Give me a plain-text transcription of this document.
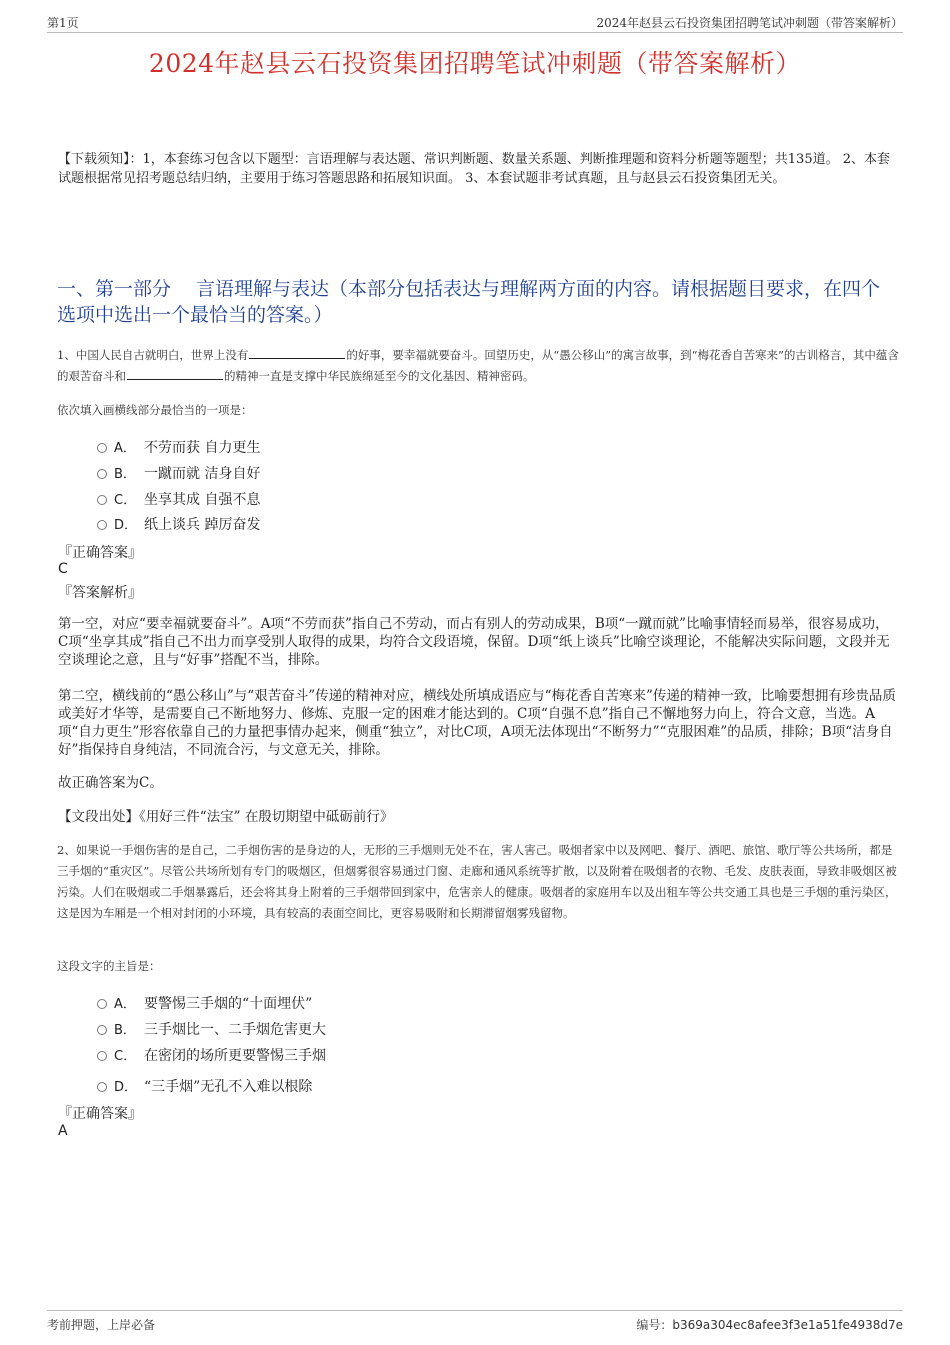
第1页	2024年赵县云石投资集团招聘笔试冲刺题（带答案解析）
2024年赵县云石投资集团招聘笔试冲刺题（带答案解析）
【下载须知】：1，本套练习包含以下题型：言语理解与表达题、常识判断题、数量关系题、判断推理题和资料分析题等题型；共135道。 2、本套试题根据常见招考题总结归纳，主要用于练习答题思路和拓展知识面。 3、本套试题非考试真题，且与赵县云石投资集团无关。
一、第一部分　 言语理解与表达（本部分包括表达与理解两方面的内容。请根据题目要求，在四个选项中选出一个最恰当的答案。）
1、中国人民自古就明白，世界上没有	的好事，要幸福就要奋斗。回望历史，从“愚公移山”的寓言故事，到“梅花香自苦寒来”的古训格言，其中蕴含的艰苦奋斗和	的精神一直是支撑中华民族绵延至今的文化基因、精神密码。
依次填入画横线部分最恰当的一项是：
A． 不劳而获 自力更生
B． 一蹴而就 洁身自好
C． 坐享其成 自强不息
D． 纸上谈兵 踔厉奋发
『正确答案』
C
『答案解析』
第一空，对应“要幸福就要奋斗”。A项“不劳而获”指自己不劳动，而占有别人的劳动成果，B项“一蹴而就”比喻事情轻而易举，很容易成功，C项“坐享其成”指自己不出力而享受别人取得的成果，均符合文段语境，保留。D项“纸上谈兵”比喻空谈理论，不能解决实际问题，文段并无空谈理论之意，且与“好事”搭配不当，排除。
第二空，横线前的“愚公移山”与“艰苦奋斗”传递的精神对应，横线处所填成语应与“梅花香自苦寒来”传递的精神一致，比喻要想拥有珍贵品质或美好才华等，是需要自己不断地努力、修炼、克服一定的困难才能达到的。C项“自强不息”指自己不懈地努力向上，符合文意，当选。A项“自力更生”形容依靠自己的力量把事情办起来，侧重“独立”，对比C项，A项无法体现出“不断努力”“克服困难”的品质，排除；B项“洁身自好”指保持自身纯洁，不同流合污，与文意无关，排除。
故正确答案为C。
【文段出处】《用好三件“法宝” 在殷切期望中砥砺前行》
2、如果说一手烟伤害的是自己，二手烟伤害的是身边的人，无形的三手烟则无处不在，害人害己。吸烟者家中以及网吧、餐厅、酒吧、旅馆、歌厅等公共场所，都是三手烟的“重灾区”。尽管公共场所划有专门的吸烟区，但烟雾很容易通过门窗、走廊和通风系统等扩散，以及附着在吸烟者的衣物、毛发、皮肤表面，导致非吸烟区被污染。人们在吸烟或二手烟暴露后，还会将其身上附着的三手烟带回到家中，危害亲人的健康。吸烟者的家庭用车以及出租车等公共交通工具也是三手烟的重污染区，这是因为车厢是一个相对封闭的小环境，具有较高的表面空间比，更容易吸附和长期滞留烟雾残留物。
这段文字的主旨是：
A． 要警惕三手烟的“十面埋伏”
B． 三手烟比一、二手烟危害更大
C． 在密闭的场所更要警惕三手烟
D． “三手烟”无孔不入难以根除
『正确答案』
A
考前押题，上岸必备	编号：b369a304ec8afee3f3e1a51fe4938d7e
